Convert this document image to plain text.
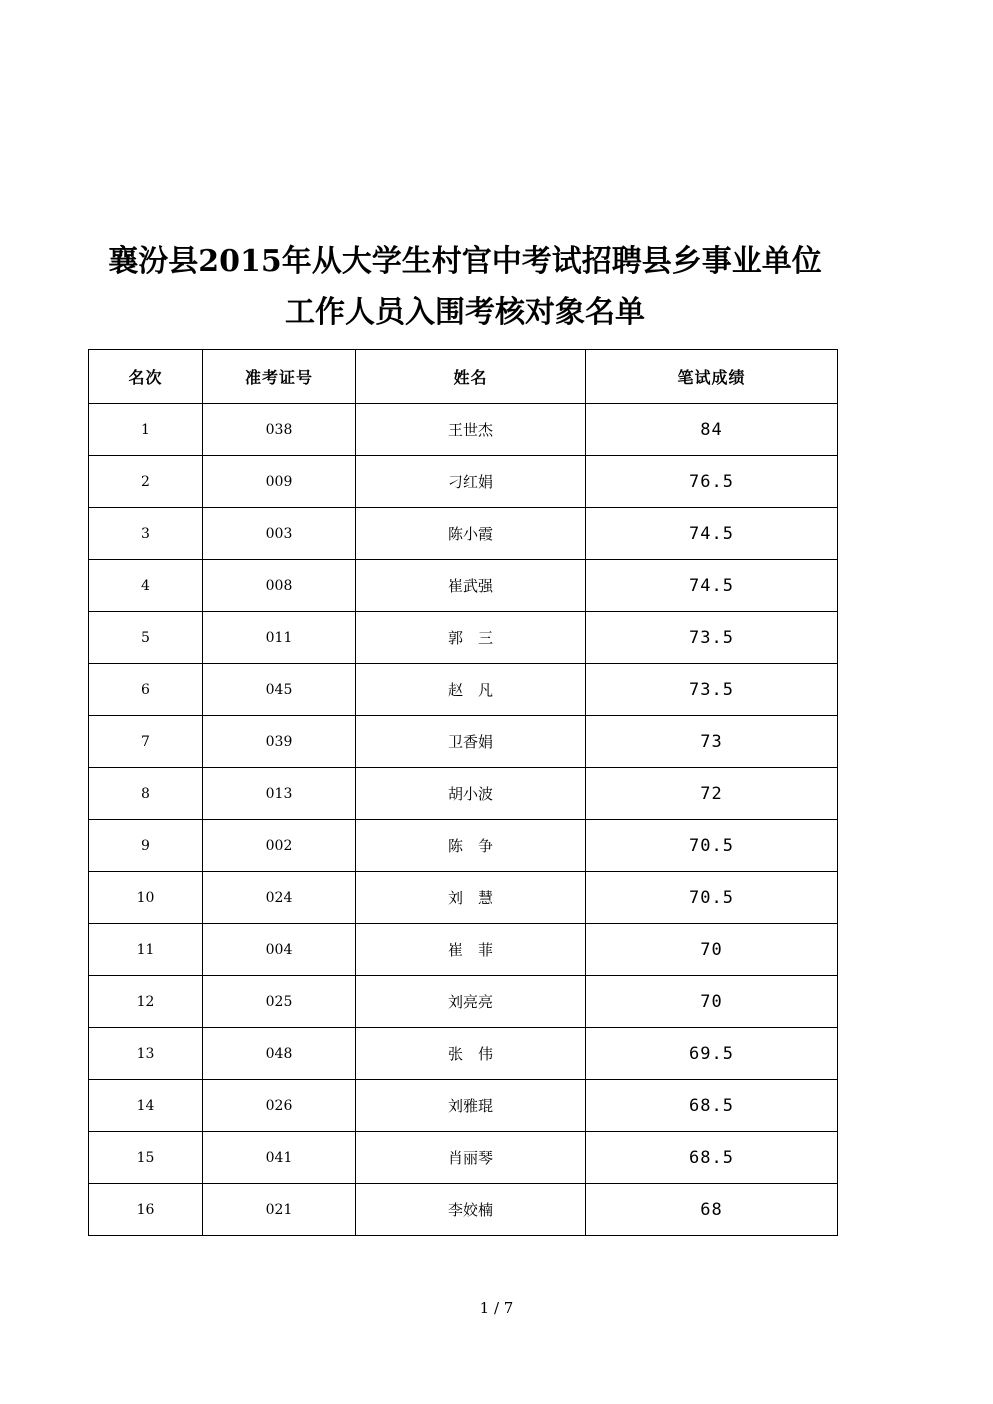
襄汾县2015年从大学生村官中考试招聘县乡事业单位
工作人员入围考核对象名单
名次	准考证号	姓名	笔试成绩
1	038	王世杰	84
2	009	刁红娟	76.5
3	003	陈小霞	74.5
4	008	崔武强	74.5
5	011	郭　三	73.5
6	045	赵　凡	73.5
7	039	卫香娟	73
8	013	胡小波	72
9	002	陈　争	70.5
10	024	刘　慧	70.5
11	004	崔　菲	70
12	025	刘亮亮	70
13	048	张　伟	69.5
14	026	刘雅琨	68.5
15	041	肖丽琴	68.5
16	021	李姣楠	68
1 / 7
